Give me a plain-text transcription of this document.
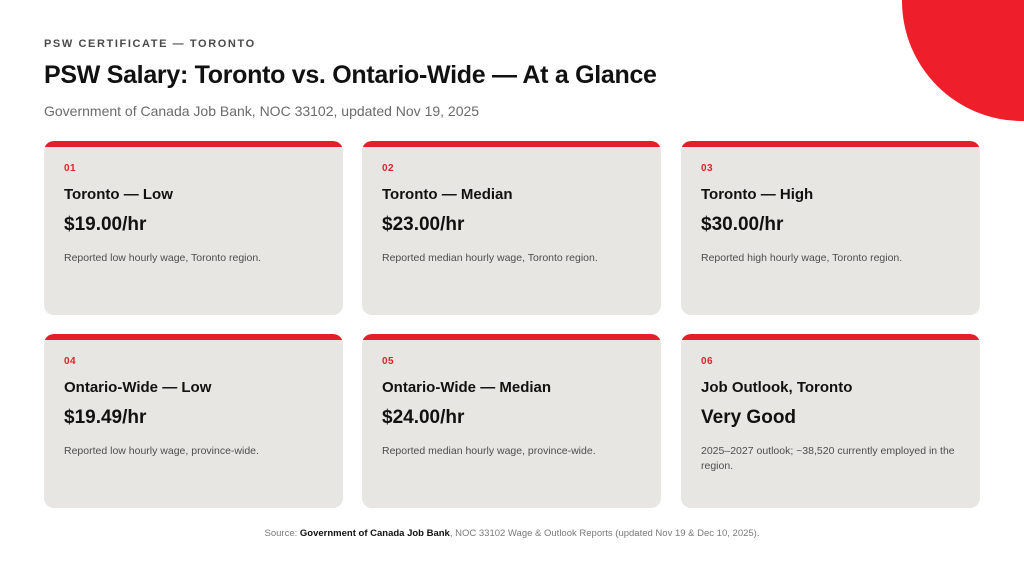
PSW CERTIFICATE — TORONTO
PSW Salary: Toronto vs. Ontario-Wide — At a Glance
Government of Canada Job Bank, NOC 33102, updated Nov 19, 2025
01
Toronto — Low
$19.00/hr
Reported low hourly wage, Toronto region.
02
Toronto — Median
$23.00/hr
Reported median hourly wage, Toronto region.
03
Toronto — High
$30.00/hr
Reported high hourly wage, Toronto region.
04
Ontario-Wide — Low
$19.49/hr
Reported low hourly wage, province-wide.
05
Ontario-Wide — Median
$24.00/hr
Reported median hourly wage, province-wide.
06
Job Outlook, Toronto
Very Good
2025–2027 outlook; ~38,520 currently employed in the region.
Source: Government of Canada Job Bank, NOC 33102 Wage & Outlook Reports (updated Nov 19 & Dec 10, 2025).
